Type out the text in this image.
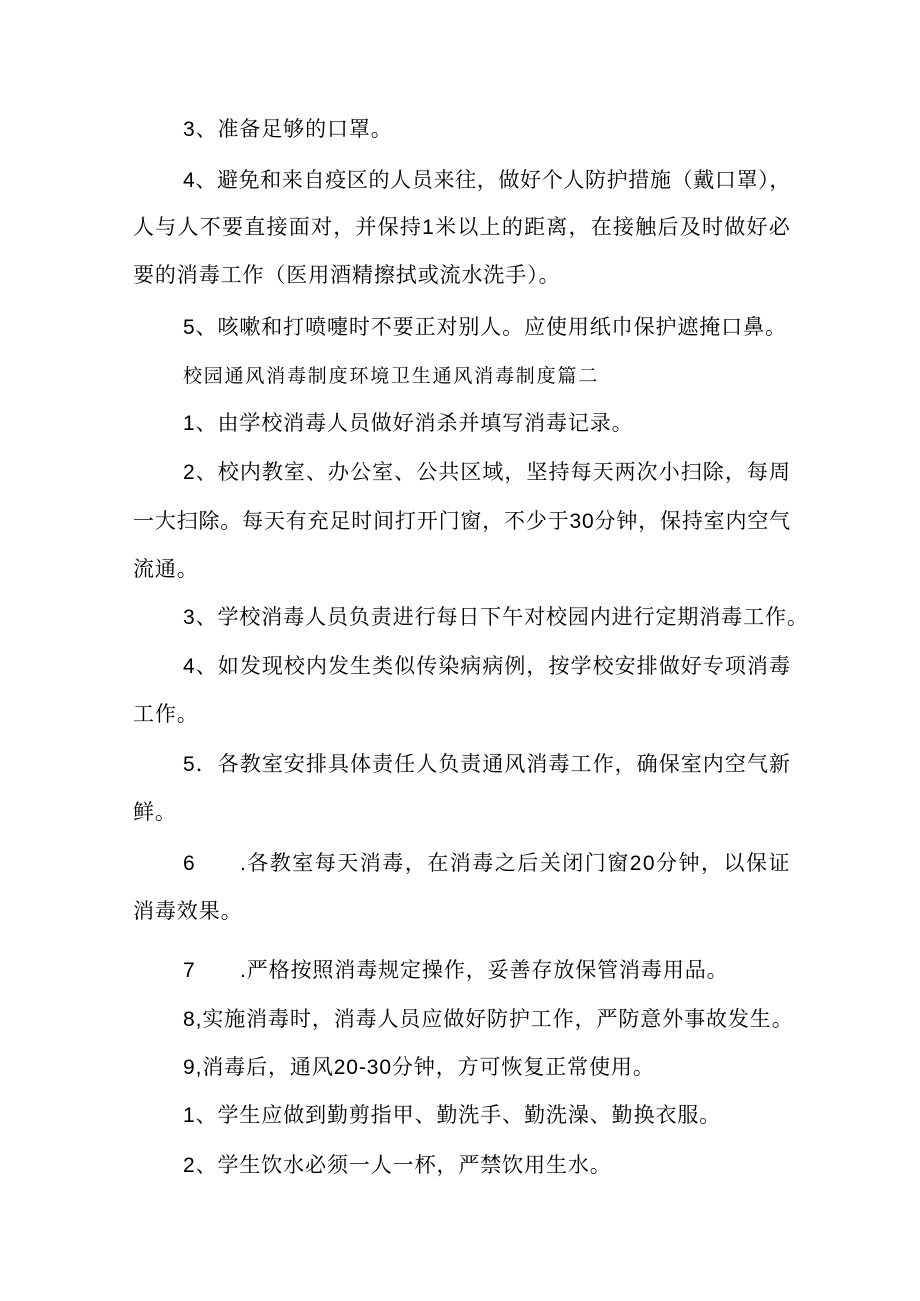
3、准备足够的口罩。
4、避免和来自疫区的人员来往，做好个人防护措施（戴口罩），
人与人不要直接面对，并保持1米以上的距离，在接触后及时做好必
要的消毒工作（医用酒精擦拭或流水洗手）。
5、咳嗽和打喷嚏时不要正对别人。应使用纸巾保护遮掩口鼻。
校园通风消毒制度环境卫生通风消毒制度篇二
1、由学校消毒人员做好消杀并填写消毒记录。
2、校内教室、办公室、公共区域，坚持每天两次小扫除，每周
一大扫除。每天有充足时间打开门窗，不少于30分钟，保持室内空气
流通。
3、学校消毒人员负责进行每日下午对校园内进行定期消毒工作。
4、如发现校内发生类似传染病病例，按学校安排做好专项消毒
工作。
5．各教室安排具体责任人负责通风消毒工作，确保室内空气新
鲜。
6 .各教室每天消毒，在消毒之后关闭门窗20分钟，以保证
消毒效果。
7 .严格按照消毒规定操作，妥善存放保管消毒用品。
8,实施消毒时，消毒人员应做好防护工作，严防意外事故发生。
9,消毒后，通风20-30分钟，方可恢复正常使用。
1、学生应做到勤剪指甲、勤洗手、勤洗澡、勤换衣服。
2、学生饮水必须一人一杯，严禁饮用生水。
